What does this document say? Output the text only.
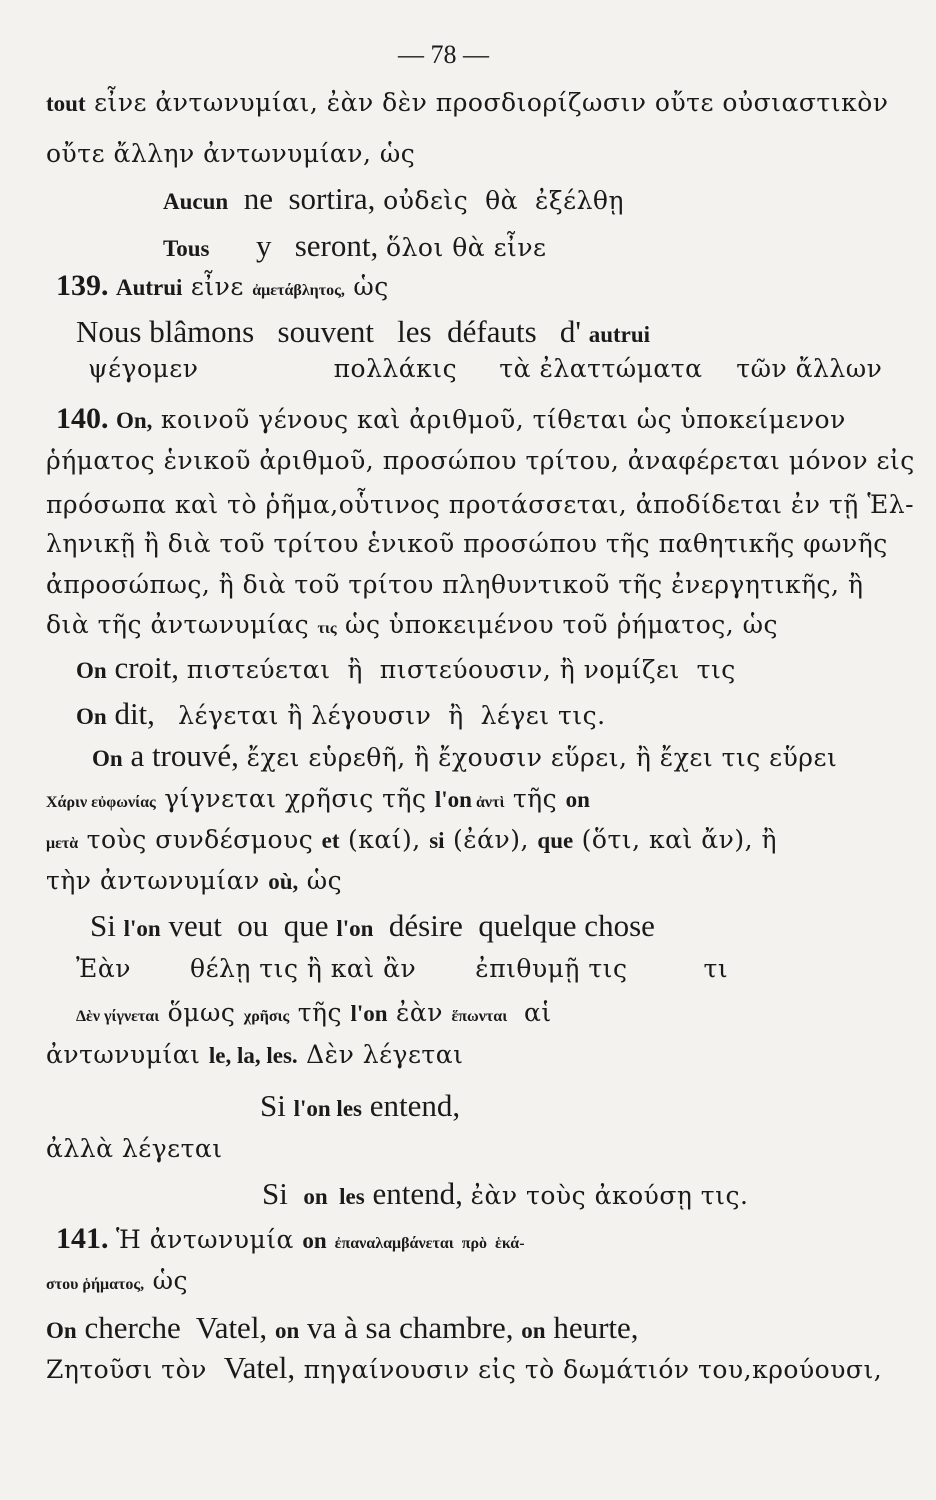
— 78 —
tout εἶνε ἀντωνυμίαι, ἐὰν δὲν προσδιορίζωσιν οὔτε οὐσιαστικὸν
οὔτε ἄλλην ἀντωνυμίαν, ὡς
Aucun  ne  sortira, οὐδεὶς  θὰ  ἐξέλθῃ
Tous      y   seront, ὅλοι θὰ εἶνε
139. Autrui εἶνε ἀμετάβλητος, ὡς
Nous blâmons   souvent   les  défauts   d' autrui
ψέγομεν                πολλάκις     τὰ ἐλαττώματα    τῶν ἄλλων
140. On, κοινοῦ γένους καὶ ἀριθμοῦ, τίθεται ὡς ὑποκείμενον
ῥήματος ἑνικοῦ ἀριθμοῦ, προσώπου τρίτου, ἀναφέρεται μόνον εἰς
πρόσωπα καὶ τὸ ῥῆμα,οὗτινος προτάσσεται, ἀποδίδεται ἐν τῇ Ἑλ-
ληνικῇ ἢ διὰ τοῦ τρίτου ἑνικοῦ προσώπου τῆς παθητικῆς φωνῆς
ἀπροσώπως, ἢ διὰ τοῦ τρίτου πληθυντικοῦ τῆς ἐνεργητικῆς, ἢ
διὰ τῆς ἀντωνυμίας τις ὡς ὑποκειμένου τοῦ ῥήματος, ὡς
On croit, πιστεύεται  ἢ  πιστεύουσιν, ἢ νομίζει  τις
On dit,   λέγεται ἢ λέγουσιν  ἢ  λέγει τις.
On a trouvé, ἔχει εὑρεθῆ, ἢ ἔχουσιν εὕρει, ἢ ἔχει τις εὕρει
Χάριν εὐφωνίας γίγνεται χρῆσις τῆς l'on ἀντὶ τῆς on
μετὰ τοὺς συνδέσμους et (καί), si (ἐάν), que (ὅτι, καὶ ἄν), ἢ
τὴν ἀντωνυμίαν où, ὡς
Si l'on veut  ou  que l'on  désire  quelque chose
Ἐὰν       θέλῃ τις ἢ καὶ ἂν       ἐπιθυμῇ τις         τι
Δὲν γίγνεται ὅμως χρῆσις τῆς l'on ἐὰν ἕπωνται  αἱ
ἀντωνυμίαι le, la, les. Δὲν λέγεται
Si l'on les entend,
ἀλλὰ λέγεται
Si  on  les entend, ἐὰν τοὺς ἀκούσῃ τις.
141. Ἡ ἀντωνυμία on  ἐπαναλαμβάνεται  πρὸ  ἑκά-
στου ῥήματος, ὡς
On cherche  Vatel, on va à sa chambre, on heurte,
Ζητοῦσι τὸν  Vatel, πηγαίνουσιν εἰς τὸ δωμάτιόν του,κρούουσι,
